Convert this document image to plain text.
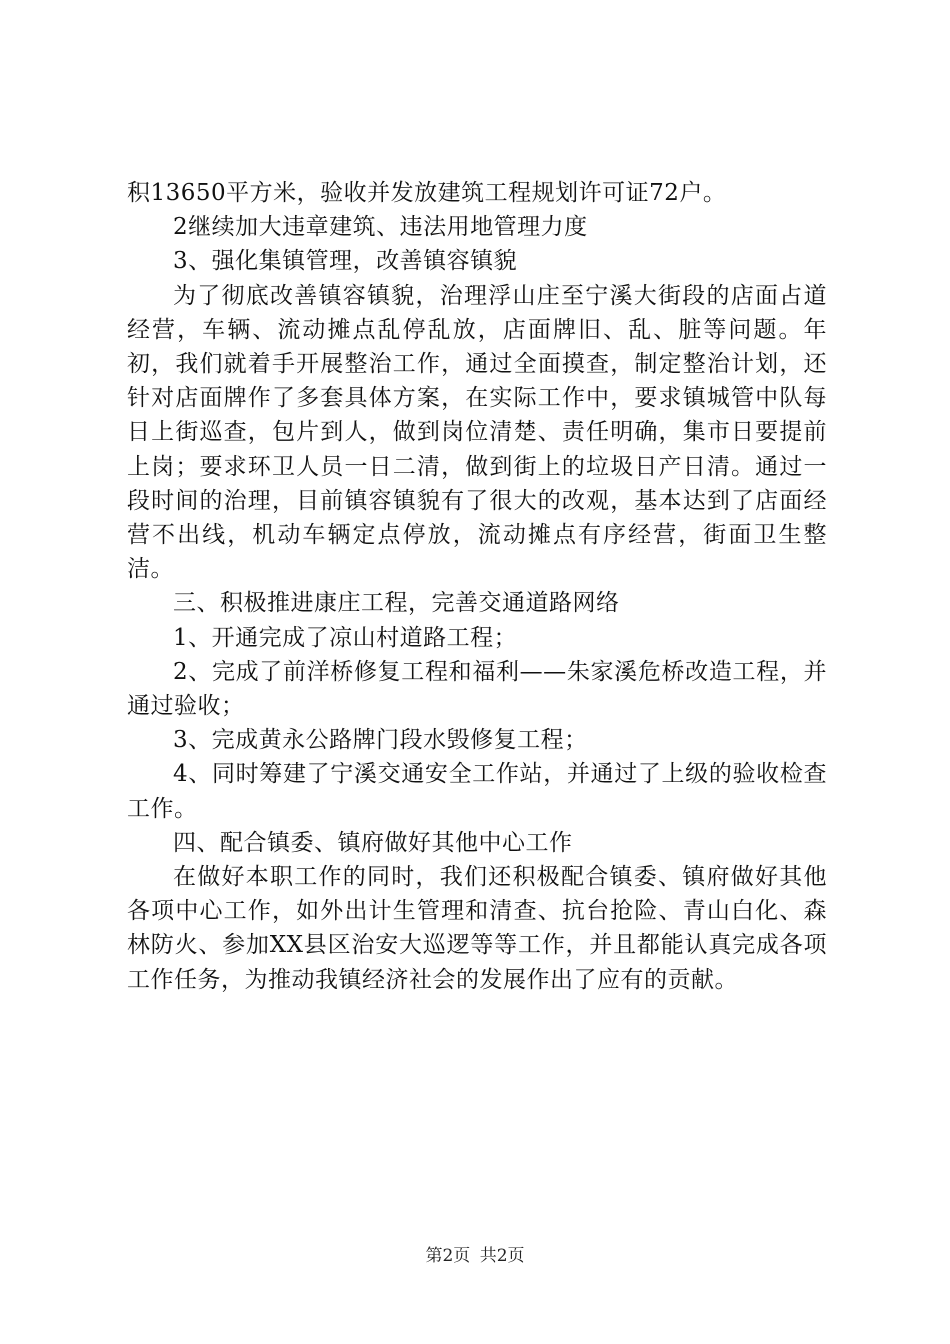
积13650平方米，验收并发放建筑工程规划许可证72户。

2继续加大违章建筑、违法用地管理力度

3、强化集镇管理，改善镇容镇貌

为了彻底改善镇容镇貌，治理浮山庄至宁溪大街段的店面占道经营，车辆、流动摊点乱停乱放，店面牌旧、乱、脏等问题。年初，我们就着手开展整治工作，通过全面摸查，制定整治计划，还针对店面牌作了多套具体方案，在实际工作中，要求镇城管中队每日上街巡查，包片到人，做到岗位清楚、责任明确，集市日要提前上岗；要求环卫人员一日二清，做到街上的垃圾日产日清。通过一段时间的治理，目前镇容镇貌有了很大的改观，基本达到了店面经营不出线，机动车辆定点停放，流动摊点有序经营，街面卫生整洁。

三、积极推进康庄工程，完善交通道路网络

1、开通完成了凉山村道路工程；

2、完成了前洋桥修复工程和福利——朱家溪危桥改造工程，并通过验收；

3、完成黄永公路牌门段水毁修复工程；

4、同时筹建了宁溪交通安全工作站，并通过了上级的验收检查工作。

四、配合镇委、镇府做好其他中心工作

在做好本职工作的同时，我们还积极配合镇委、镇府做好其他各项中心工作，如外出计生管理和清查、抗台抢险、青山白化、森林防火、参加XX县区治安大巡逻等等工作，并且都能认真完成各项工作任务，为推动我镇经济社会的发展作出了应有的贡献。

第2页 共2页
